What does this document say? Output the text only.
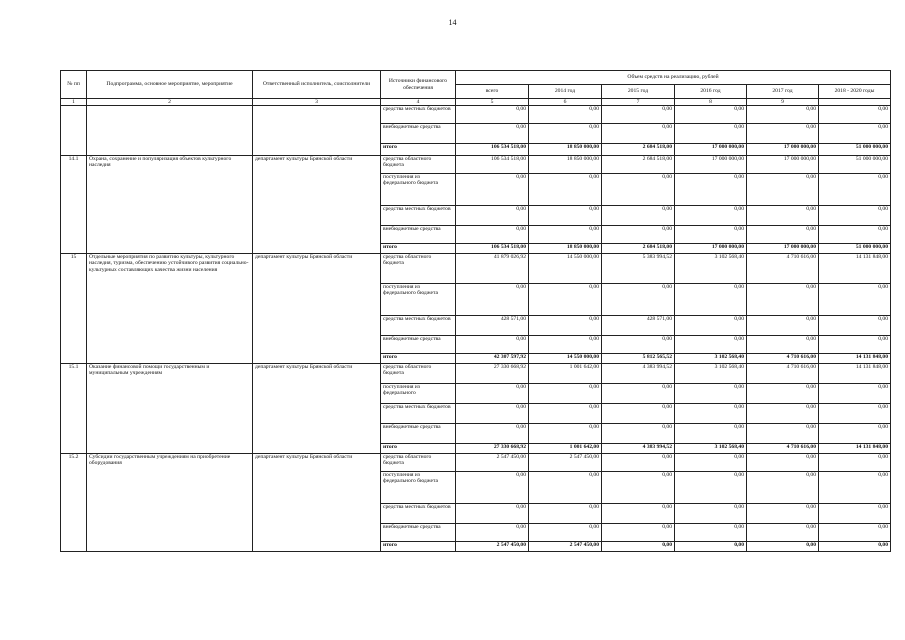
14
№ пп	Подпрограмма, основное мероприятие, мероприятие	Ответственный исполнитель, соисполнители	Источники финансового обеспечения	Объем средств на реализацию, рублей					
				всего	2014 год	2015 год	2016 год	2017 год	2018 - 2020 годы
1	2	3	4	5	6	7	8	9	
			средства местных бюджетов	0,00	0,00	0,00	0,00	0,00	0,00
			внебюджетные средства	0,00	0,00	0,00	0,00	0,00	0,00
			итого	106 534 518,00	18 850 000,00	2 684 518,00	17 000 000,00	17 000 000,00	51 000 000,00
14.1	Охрана, сохранение и популяризация объектов культурного наследия	департамент культуры Брянской области	средства областного бюджета	106 534 518,00	18 850 000,00	2 684 518,00	17 000 000,00	17 000 000,00	51 000 000,00
			поступления из федерального бюджета	0,00	0,00	0,00	0,00	0,00	0,00
			средства местных бюджетов	0,00	0,00	0,00	0,00	0,00	0,00
			внебюджетные средства	0,00	0,00	0,00	0,00	0,00	0,00
			итого	106 534 518,00	18 850 000,00	2 684 518,00	17 000 000,00	17 000 000,00	51 000 000,00
15	Отдельные мероприятия по развитию культуры, культурного наследия, туризма, обеспечению устойчивого развития социально-культурных составляющих качества жизни населения	департамент культуры Брянской области	средства областного бюджета	41 879 026,92	14 550 000,00	5 383 994,52	3 102 568,40	4 710 616,00	14 131 848,00
			поступления из федерального бюджета	0,00	0,00	0,00	0,00	0,00	0,00
			средства местных бюджетов	428 571,00	0,00	428 571,00	0,00	0,00	0,00
			внебюджетные средства	0,00	0,00	0,00	0,00	0,00	0,00
			итого	42 307 597,92	14 550 000,00	5 812 565,52	3 102 568,40	4 710 616,00	14 131 848,00
15.1	Оказание финансовой помощи государственным и муниципальным учреждениям	департамент культуры Брянской области	средства областного бюджета	27 330 668,92	1 001 642,00	4 383 994,52	3 102 568,40	4 710 616,00	14 131 848,00
			поступления из федерального	0,00	0,00	0,00	0,00	0,00	0,00
			средства местных бюджетов	0,00	0,00	0,00	0,00	0,00	0,00
			внебюджетные средства	0,00	0,00	0,00	0,00	0,00	0,00
			итого	27 330 668,92	1 001 642,00	4 383 994,52	3 102 568,40	4 710 616,00	14 131 848,00
15.2	Субсидии государственным учреждениям на приобретение оборудования	департамент культуры Брянской области	средства областного бюджета	2 547 450,00	2 547 450,00	0,00	0,00	0,00	0,00
			поступления из федерального бюджета	0,00	0,00	0,00	0,00	0,00	0,00
			средства местных бюджетов	0,00	0,00	0,00	0,00	0,00	0,00
			внебюджетные средства	0,00	0,00	0,00	0,00	0,00	0,00
			итого	2 547 450,00	2 547 450,00	0,00	0,00	0,00	0,00
